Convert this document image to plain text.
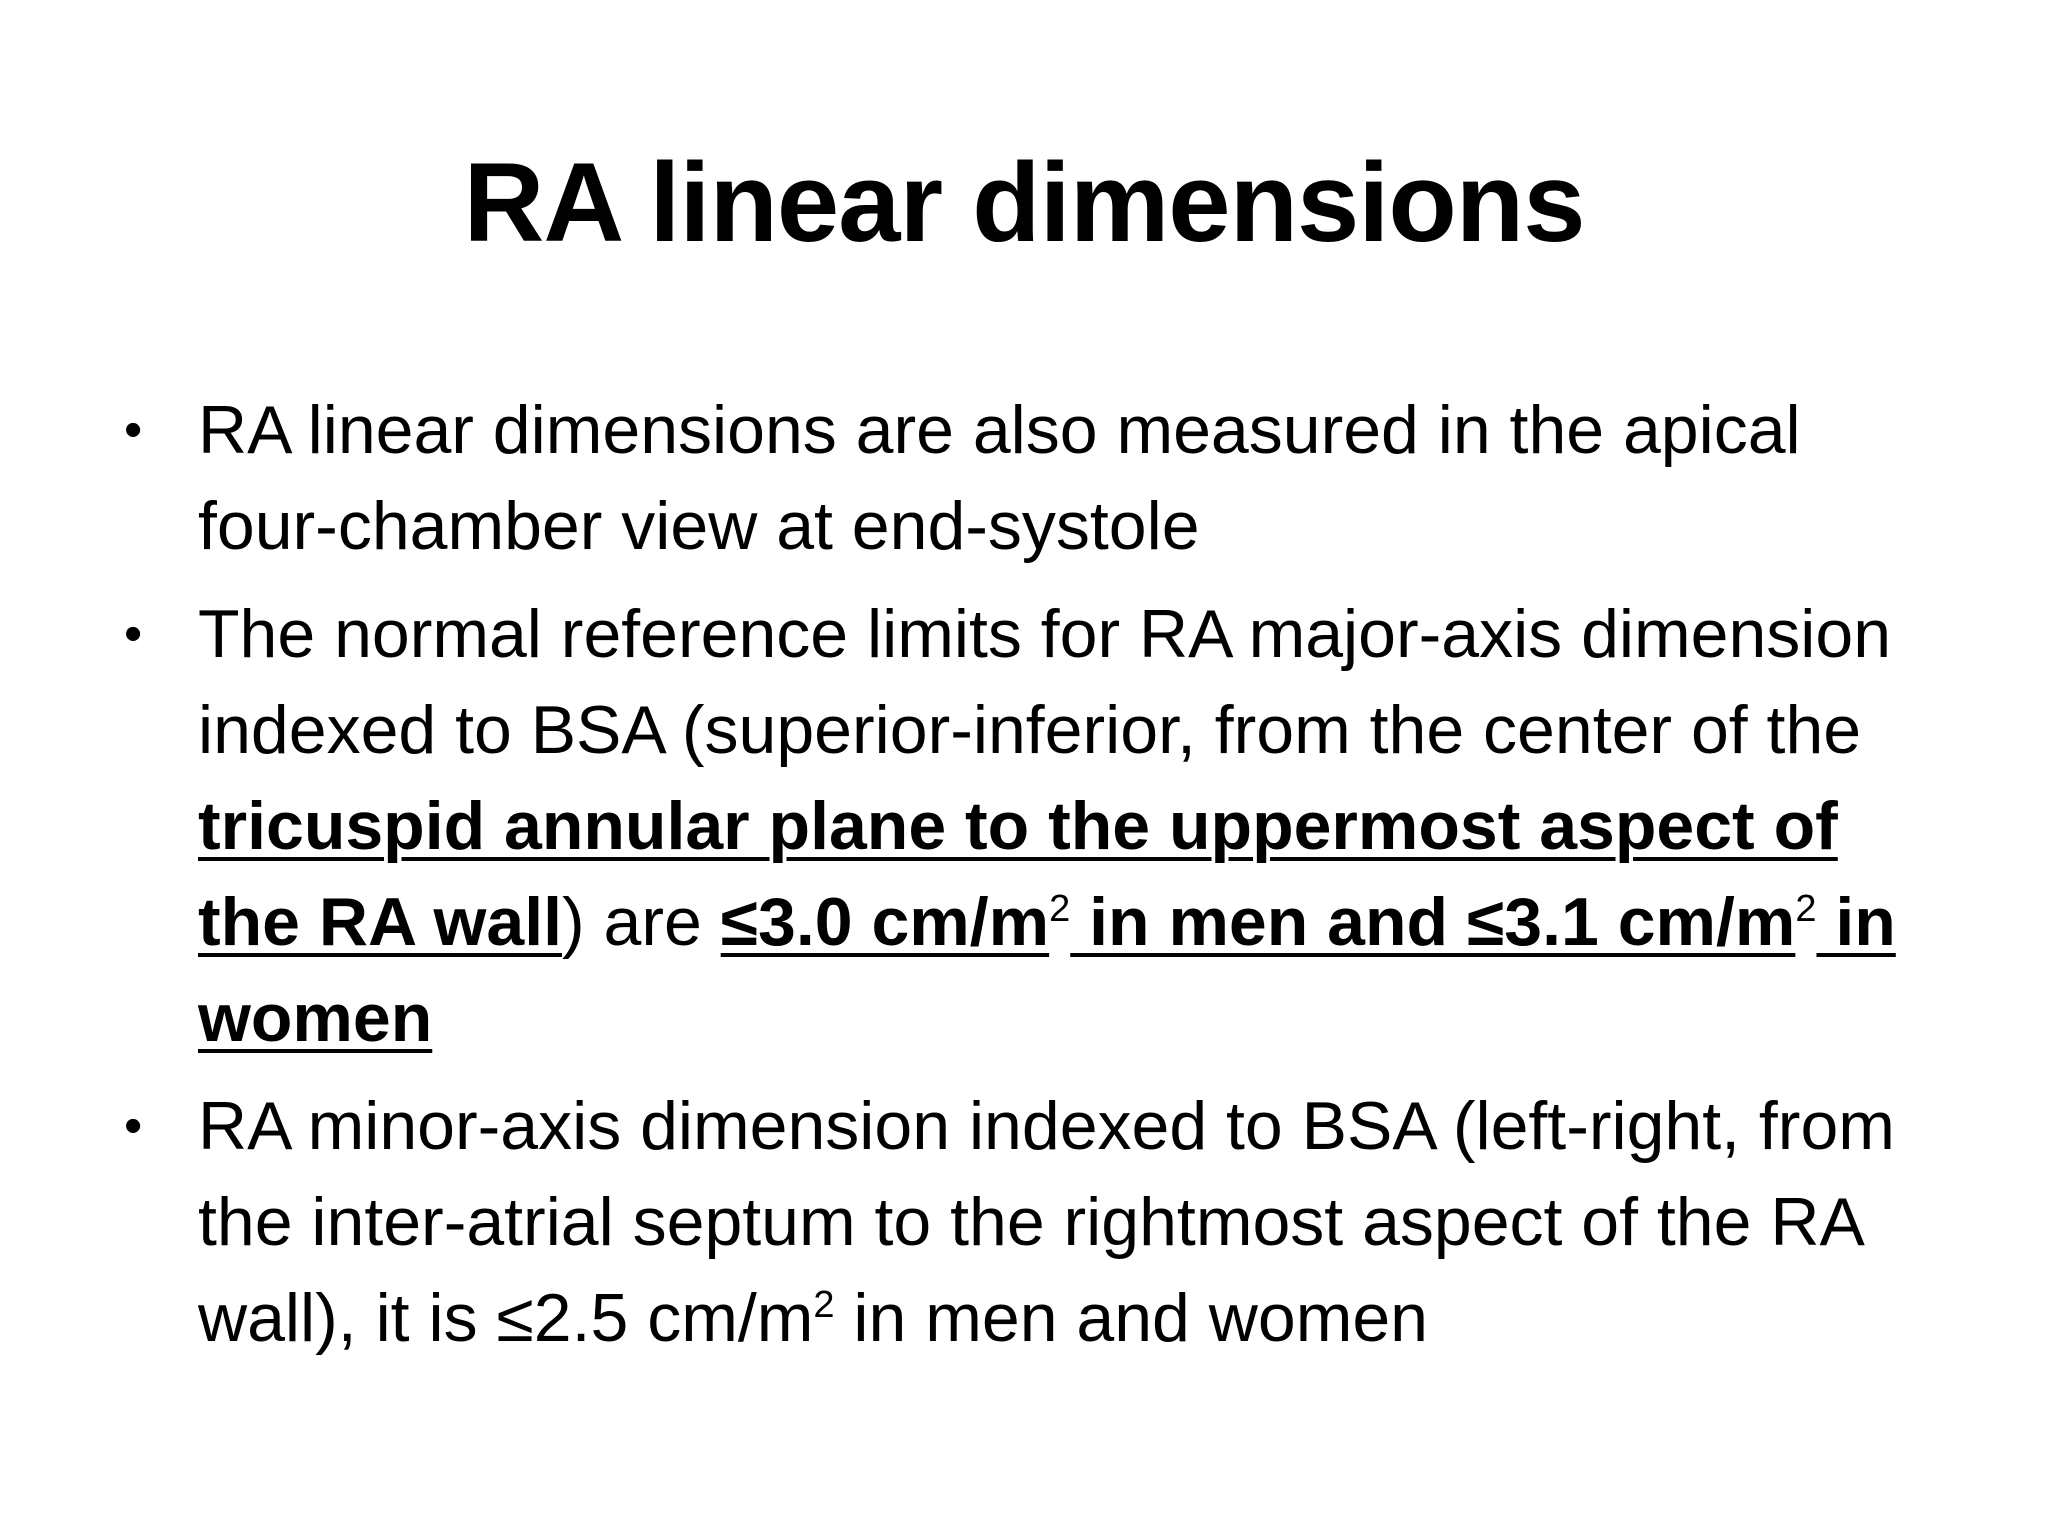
RA linear dimensions
• RA linear dimensions are also measured in the apical four-chamber view at end-systole
• The normal reference limits for RA major-axis dimension indexed to BSA (superior-inferior, from the center of the tricuspid annular plane to the uppermost aspect of the RA wall) are ≤3.0 $cm/m^2$ in men and ≤3.1 $cm/m^2$ in women
• RA minor-axis dimension indexed to BSA (left-right, from the inter-atrial septum to the rightmost aspect of the RA wall), it is ≤2.5 $cm/m^2$ in men and women
